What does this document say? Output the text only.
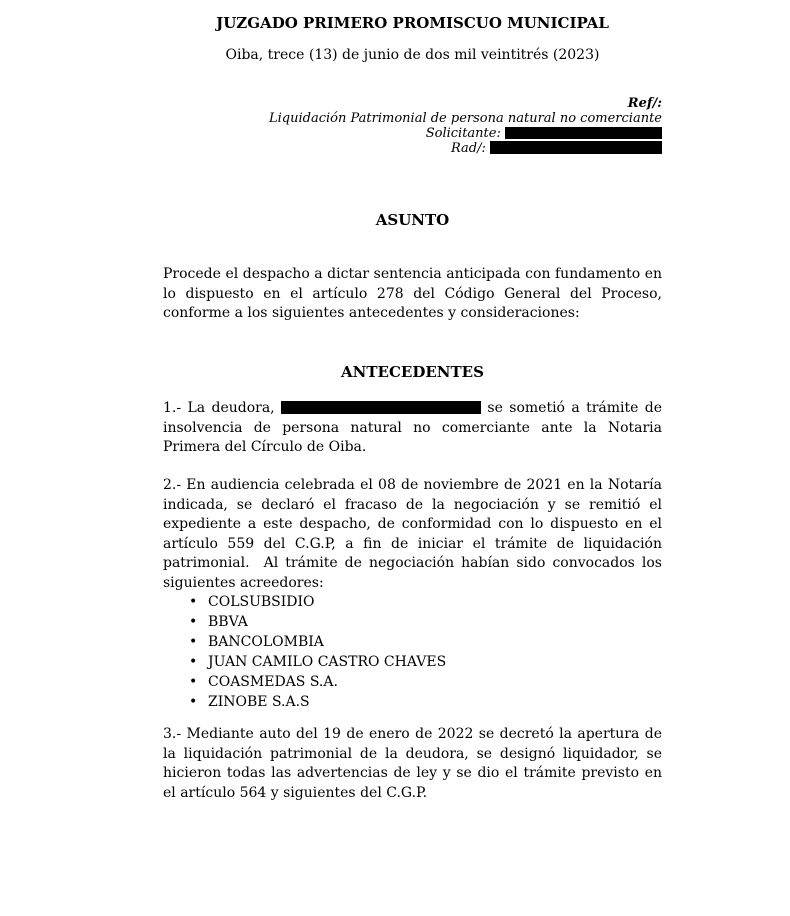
JUZGADO PRIMERO PROMISCUO MUNICIPAL

Oiba, trece (13) de junio de dos mil veintitrés (2023)

Ref/:
Liquidación Patrimonial de persona natural no comerciante
Solicitante:
Rad/:
ASUNTO

Procede el despacho a dictar sentencia anticipada con fundamento en lo dispuesto en el artículo 278 del Código General del Proceso, conforme a los siguientes antecedentes y consideraciones:

ANTECEDENTES

1.- La deudora,	se sometió a trámite de insolvencia de persona natural no comerciante ante la Notaria Primera del Círculo de Oiba.

2.- En audiencia celebrada el 08 de noviembre de 2021 en la Notaría indicada, se declaró el fracaso de la negociación y se remitió el expediente a este despacho, de conformidad con lo dispuesto en el artículo 559 del C.G.P, a fin de iniciar el trámite de liquidación patrimonial.  Al trámite de negociación habían sido convocados los siguientes acreedores:

• COLSUBSIDIO
• BBVA
• BANCOLOMBIA
• JUAN CAMILO CASTRO CHAVES
• COASMEDAS S.A.
• ZINOBE S.A.S

3.- Mediante auto del 19 de enero de 2022 se decretó la apertura de la liquidación patrimonial de la deudora, se designó liquidador, se hicieron todas las advertencias de ley y se dio el trámite previsto en el artículo 564 y siguientes del C.G.P.
